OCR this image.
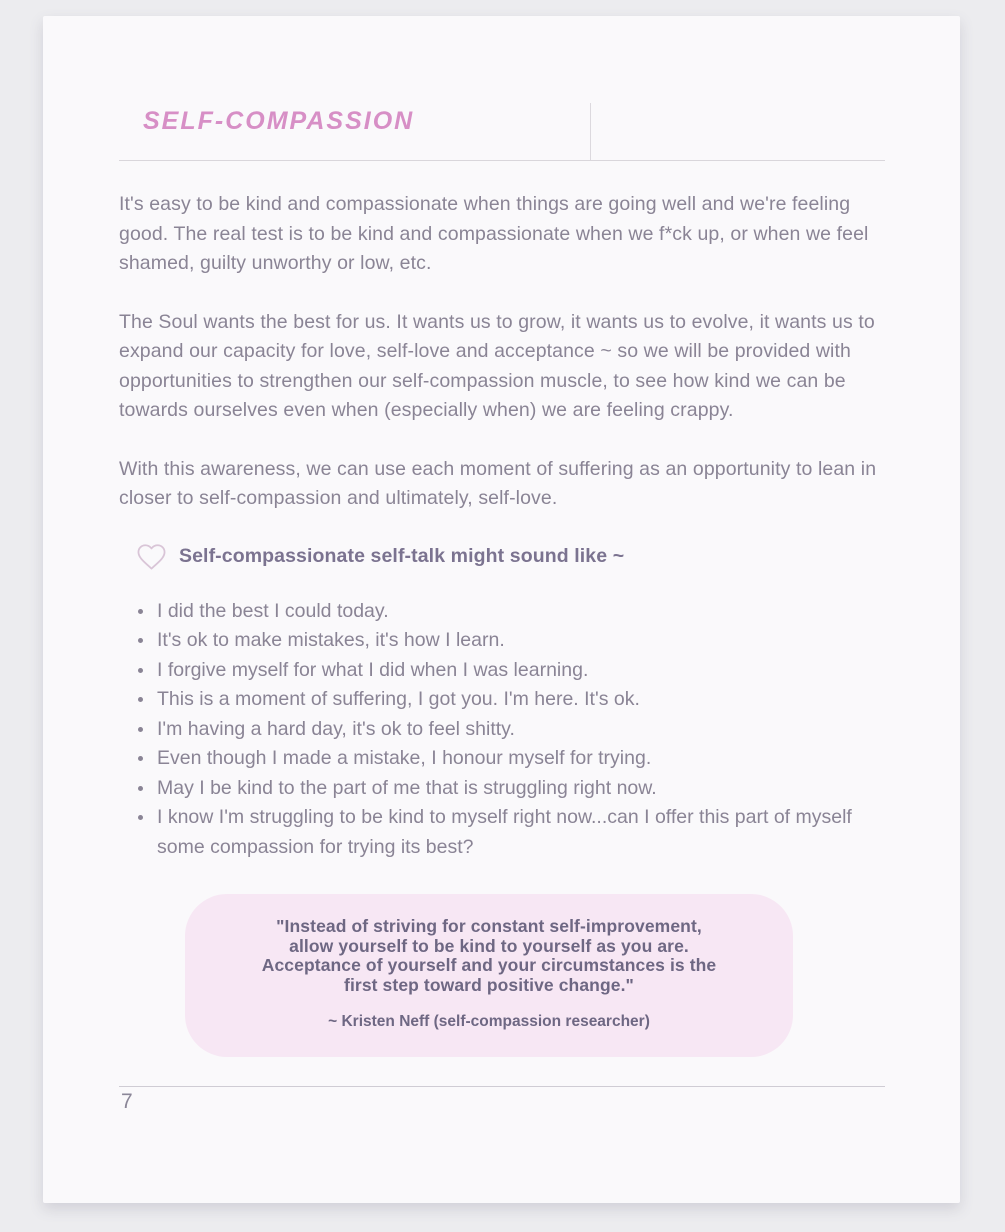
SELF-COMPASSION

It's easy to be kind and compassionate when things are going well and we're feeling good. The real test is to be kind and compassionate when we f*ck up, or when we feel shamed, guilty unworthy or low, etc.

The Soul wants the best for us. It wants us to grow, it wants us to evolve, it wants us to expand our capacity for love, self-love and acceptance ~ so we will be provided with opportunities to strengthen our self-compassion muscle, to see how kind we can be towards ourselves even when (especially when) we are feeling crappy.

With this awareness, we can use each moment of suffering as an opportunity to lean in closer to self-compassion and ultimately, self-love.

Self-compassionate self-talk might sound like ~
• I did the best I could today.
• It's ok to make mistakes, it's how I learn.
• I forgive myself for what I did when I was learning.
• This is a moment of suffering, I got you. I'm here. It's ok.
• I'm having a hard day, it's ok to feel shitty.
• Even though I made a mistake, I honour myself for trying.
• May I be kind to the part of me that is struggling right now.
• I know I'm struggling to be kind to myself right now...can I offer this part of myself some compassion for trying its best?
"Instead of striving for constant self-improvement,
allow yourself to be kind to yourself as you are.
Acceptance of yourself and your circumstances is the
first step toward positive change."
~ Kristen Neff (self-compassion researcher)
7
